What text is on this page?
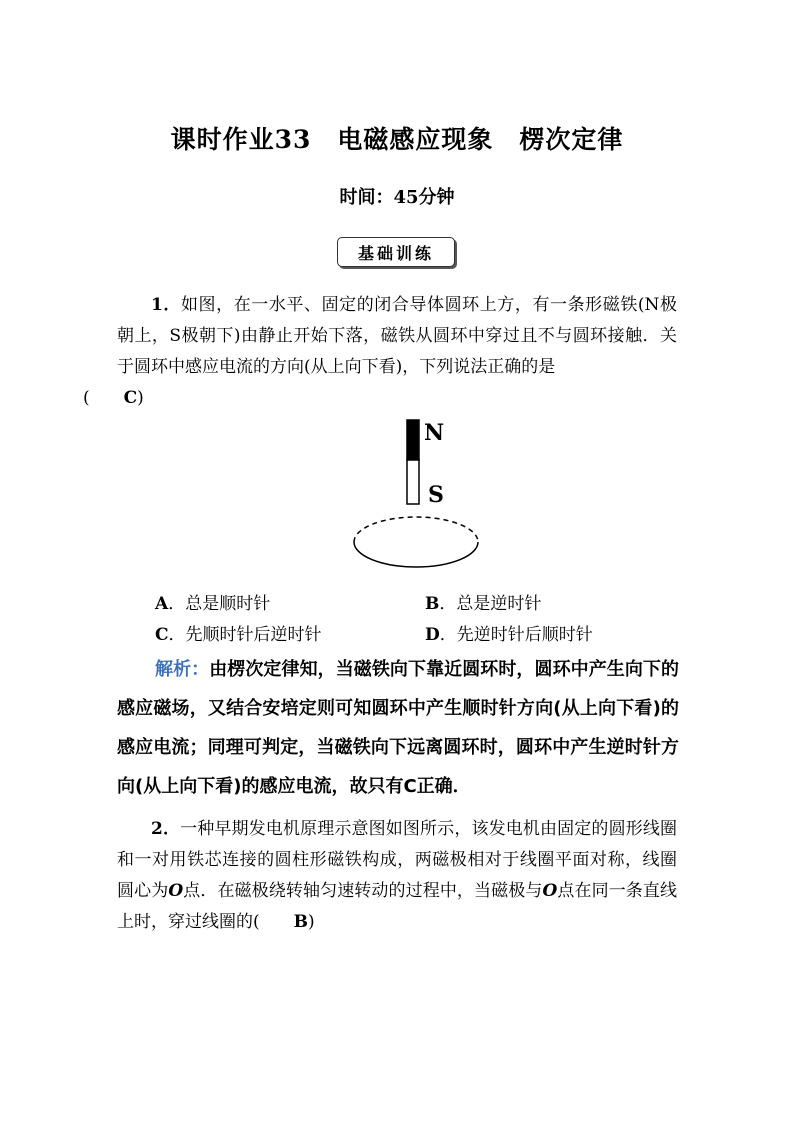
课时作业33　电磁感应现象　楞次定律
时间：45分钟
基础训练
1．如图，在一水平、固定的闭合导体圆环上方，有一条形磁铁(N极朝上，S极朝下)由静止开始下落，磁铁从圆环中穿过且不与圆环接触．关于圆环中感应电流的方向(从上向下看)，下列说法正确的是
( C)
N
S
A．总是顺时针	B．总是逆时针
C．先顺时针后逆时针	D．先逆时针后顺时针
解析：由楞次定律知，当磁铁向下靠近圆环时，圆环中产生向下的感应磁场，又结合安培定则可知圆环中产生顺时针方向(从上向下看)的感应电流；同理可判定，当磁铁向下远离圆环时，圆环中产生逆时针方向(从上向下看)的感应电流，故只有C正确．
2．一种早期发电机原理示意图如图所示，该发电机由固定的圆形线圈和一对用铁芯连接的圆柱形磁铁构成，两磁极相对于线圈平面对称，线圈圆心为O点．在磁极绕转轴匀速转动的过程中，当磁极与O点在同一条直线上时，穿过线圈的( B)
